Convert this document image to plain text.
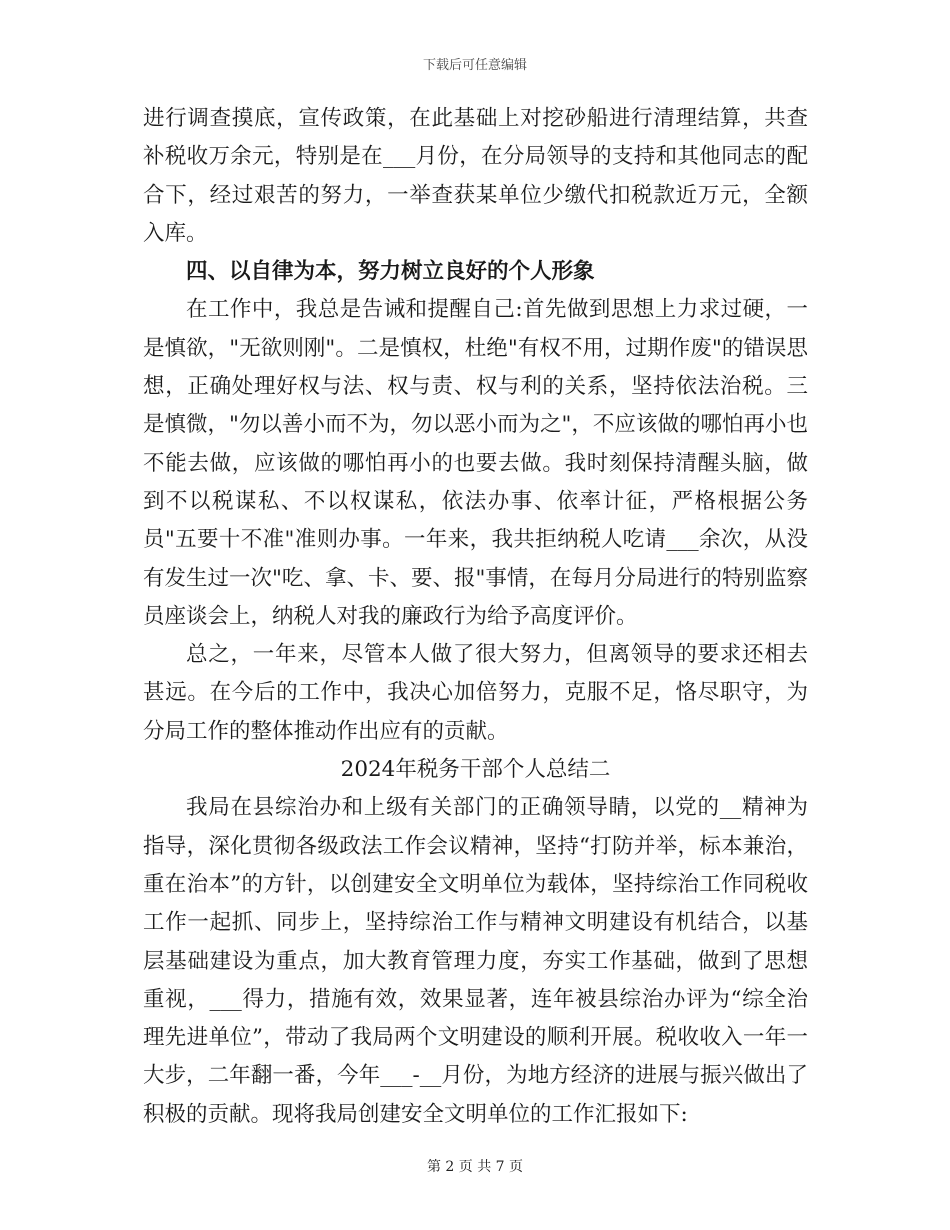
下载后可任意编辑

进行调查摸底，宣传政策，在此基础上对挖砂船进行清理结算，共查补税收万余元，特别是在___月份，在分局领导的支持和其他同志的配合下，经过艰苦的努力，一举查获某单位少缴代扣税款近万元，全额入库。

四、以自律为本，努力树立良好的个人形象

在工作中，我总是告诫和提醒自己:首先做到思想上力求过硬，一是慎欲，"无欲则刚"。二是慎权，杜绝"有权不用，过期作废"的错误思想，正确处理好权与法、权与责、权与利的关系，坚持依法治税。三是慎微，"勿以善小而不为，勿以恶小而为之"，不应该做的哪怕再小也不能去做，应该做的哪怕再小的也要去做。我时刻保持清醒头脑，做到不以税谋私、不以权谋私，依法办事、依率计征，严格根据公务员"五要十不准"准则办事。一年来，我共拒纳税人吃请___余次，从没有发生过一次"吃、拿、卡、要、报"事情，在每月分局进行的特别监察员座谈会上，纳税人对我的廉政行为给予高度评价。

总之，一年来，尽管本人做了很大努力，但离领导的要求还相去甚远。在今后的工作中，我决心加倍努力，克服不足，恪尽职守，为分局工作的整体推动作出应有的贡献。

2024年税务干部个人总结二

我局在县综治办和上级有关部门的正确领导睛，以党的__精神为指导，深化贯彻各级政法工作会议精神，坚持“打防并举，标本兼治，重在治本”的方针，以创建安全文明单位为载体，坚持综治工作同税收工作一起抓、同步上，坚持综治工作与精神文明建设有机结合，以基层基础建设为重点，加大教育管理力度，夯实工作基础，做到了思想重视，___得力，措施有效，效果显著，连年被县综治办评为“综全治理先进单位”，带动了我局两个文明建设的顺利开展。税收收入一年一大步，二年翻一番，今年___-__月份，为地方经济的进展与振兴做出了积极的贡献。现将我局创建安全文明单位的工作汇报如下:

第 2 页 共 7 页
